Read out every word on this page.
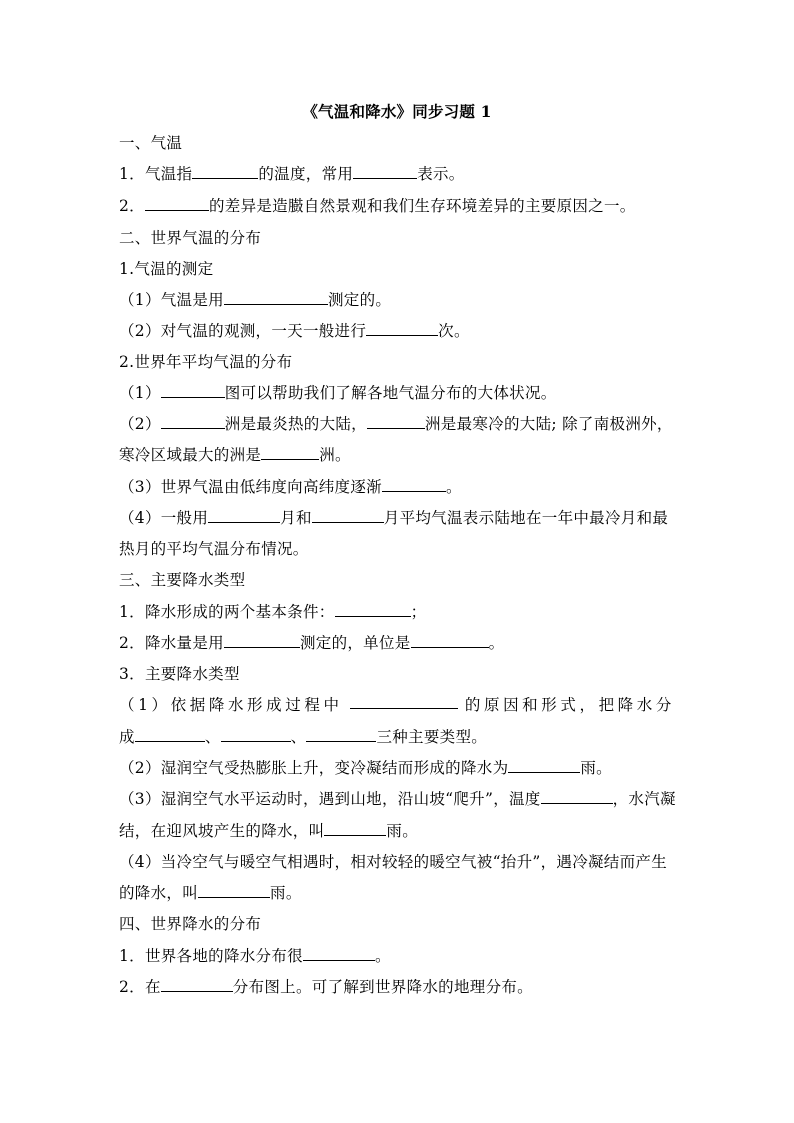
《气温和降水》同步习题 1
一、气温
1．气温指	的温度，常用	表示。
2．	的差异是造臌自然景观和我们生存环境差异的主要原因之一。
二、世界气温的分布
1.气温的测定
（1）气温是用	测定的。
（2）对气温的观测，一天一般进行	次。
2.世界年平均气温的分布
（1）	图可以帮助我们了解各地气温分布的大体状况。
（2）	洲是最炎热的大陆，	洲是最寒冷的大陆; 除了南极洲外，
寒冷区域最大的洲是	洲。
（3）世界气温由低纬度向高纬度逐渐	。
（4）一般用	月和	月平均气温表示陆地在一年中最冷月和最
热月的平均气温分布情况。
三、主要降水类型
1．降水形成的两个基本条件：	；
2．降水量是用	测定的，单位是	。
3．主要降水类型
（1）依据降水形成过程中	的原因和形式，把降水分
成	、	、	三种主要类型。
（2）湿润空气受热膨胀上升，变冷凝结而形成的降水为	雨。
（3）湿润空气水平运动时，遇到山地，沿山坡“爬升”，温度	，水汽凝
结，在迎风坡产生的降水，叫	雨。
（4）当冷空气与暖空气相遇时，相对较轻的暖空气被“抬升”，遇冷凝结而产生
的降水，叫	雨。
四、世界降水的分布
1．世界各地的降水分布很	。
2．在	分布图上。可了解到世界降水的地理分布。
